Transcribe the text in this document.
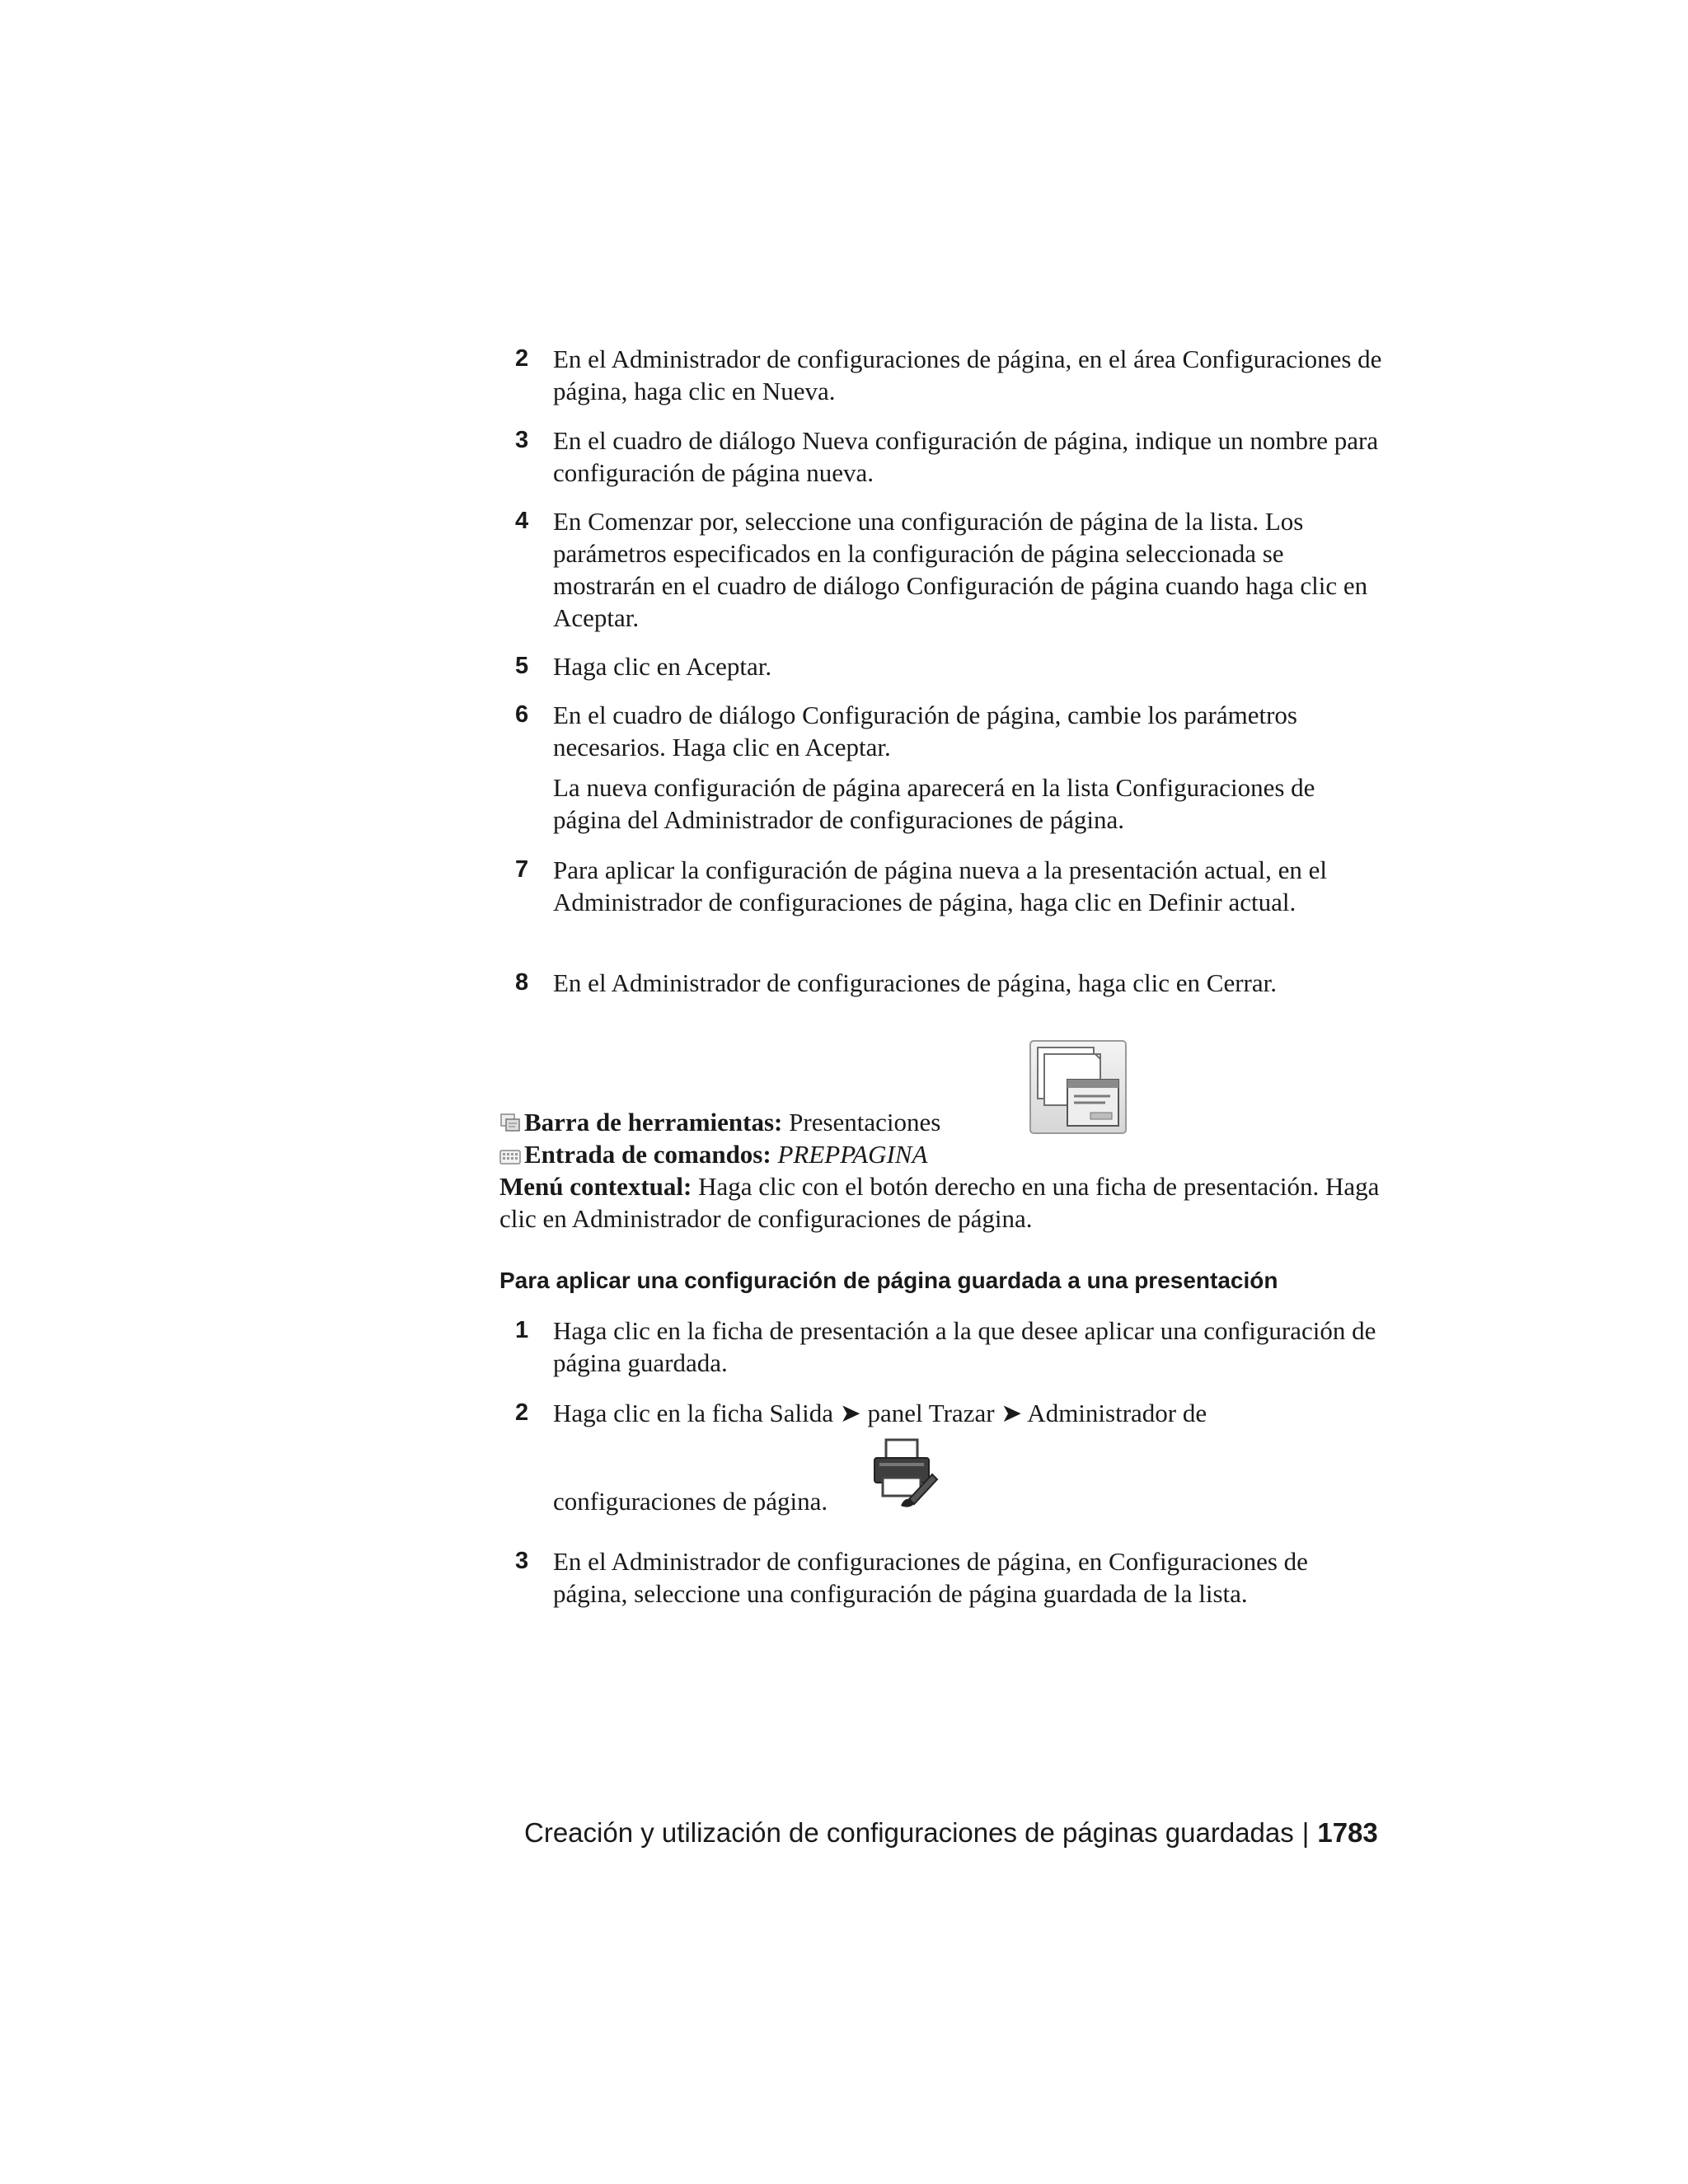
2 En el Administrador de configuraciones de página, en el área Configuraciones de página, haga clic en Nueva.
3 En el cuadro de diálogo Nueva configuración de página, indique un nombre para configuración de página nueva.
4 En Comenzar por, seleccione una configuración de página de la lista. Los parámetros especificados en la configuración de página seleccionada se mostrarán en el cuadro de diálogo Configuración de página cuando haga clic en Aceptar.
5 Haga clic en Aceptar.
6 En el cuadro de diálogo Configuración de página, cambie los parámetros necesarios. Haga clic en Aceptar.
La nueva configuración de página aparecerá en la lista Configuraciones de página del Administrador de configuraciones de página.
7 Para aplicar la configuración de página nueva a la presentación actual, en el Administrador de configuraciones de página, haga clic en Definir actual.
8 En el Administrador de configuraciones de página, haga clic en Cerrar.
Barra de herramientas: Presentaciones
Entrada de comandos: PREPPAGINA
Menú contextual: Haga clic con el botón derecho en una ficha de presentación. Haga clic en Administrador de configuraciones de página.
Para aplicar una configuración de página guardada a una presentación
1 Haga clic en la ficha de presentación a la que desee aplicar una configuración de página guardada.
2 Haga clic en la ficha Salida ➤ panel Trazar ➤ Administrador de
configuraciones de página.
3 En el Administrador de configuraciones de página, en Configuraciones de página, seleccione una configuración de página guardada de la lista.
Creación y utilización de configuraciones de páginas guardadas | 1783
